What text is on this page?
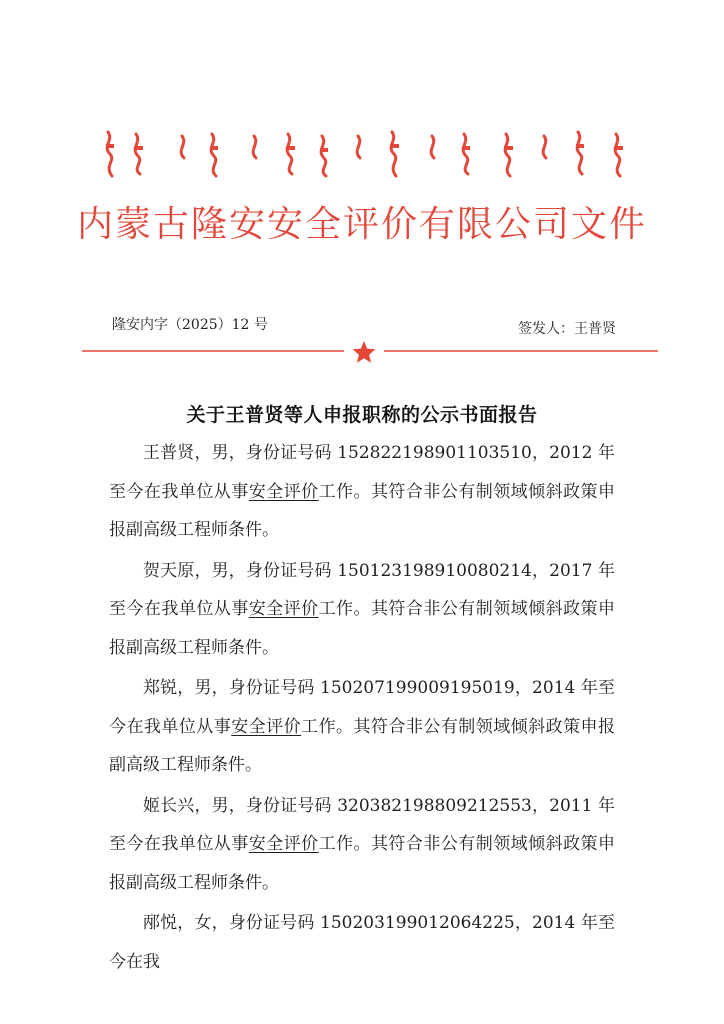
内蒙古隆安安全评价有限公司文件
隆安内字（2025）12 号	签发人：王普贤
关于王普贤等人申报职称的公示书面报告

王普贤，男，身份证号码 152822198901103510，2012 年至今在我单位从事安全评价工作。其符合非公有制领域倾斜政策申报副高级工程师条件。

贺天原，男，身份证号码 150123198910080214，2017 年至今在我单位从事安全评价工作。其符合非公有制领域倾斜政策申报副高级工程师条件。

郑锐，男，身份证号码 150207199009195019，2014 年至今在我单位从事安全评价工作。其符合非公有制领域倾斜政策申报副高级工程师条件。

姬长兴，男，身份证号码 320382198809212553，2011 年至今在我单位从事安全评价工作。其符合非公有制领域倾斜政策申报副高级工程师条件。

邴悦，女，身份证号码 150203199012064225，2014 年至今在我
